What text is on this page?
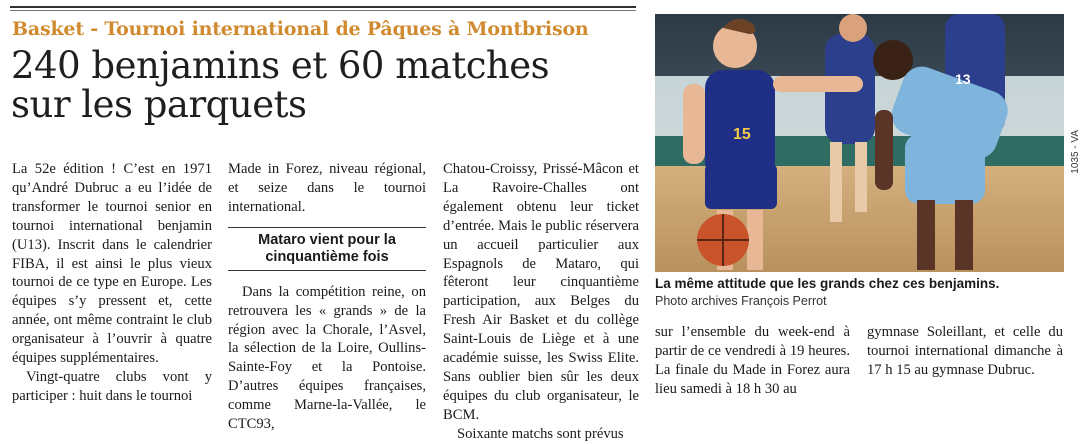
Basket - Tournoi international de Pâques à Montbrison
240 benjamins et 60 matches
sur les parquets

La 52e édition ! C’est en 1971 qu’André Dubruc a eu l’idée de transformer le tournoi senior en tournoi international benjamin (U13). Inscrit dans le calendrier FIBA, il est ainsi le plus vieux tournoi de ce type en Europe. Les équipes s’y pressent et, cette année, ont même contraint le club organisateur à l’ouvrir à quatre équipes supplémentaires.

Vingt-quatre clubs vont y participer : huit dans le tournoi

Made in Forez, niveau régional, et seize dans le tournoi international.

Mataro vient pour la cinquantième fois

Dans la compétition reine, on retrouvera les « grands » de la région avec la Chorale, l’Asvel, la sélection de la Loire, Oullins-Sainte-Foy et la Pontoise. D’autres équipes françaises, comme Marne-la-Vallée, le CTC93,

Chatou-Croissy, Prissé-Mâcon et La Ravoire-Challes ont également obtenu leur ticket d’entrée. Mais le public réservera un accueil particulier aux Espagnols de Mataro, qui fêteront leur cinquantième participation, aux Belges du Fresh Air Basket et du collège Saint-Louis de Liège et à une académie suisse, les Swiss Elite. Sans oublier bien sûr les deux équipes du club organisateur, le BCM.

Soixante matchs sont prévus

15
13
La même attitude que les grands chez ces benjamins.
Photo archives François Perrot

sur l’ensemble du week-end à partir de ce vendredi à 19 heures. La finale du Made in Forez aura lieu samedi à 18 h 30 au

gymnase Soleillant, et celle du tournoi international dimanche à 17 h 15 au gymnase Dubruc.

1035 - VA
